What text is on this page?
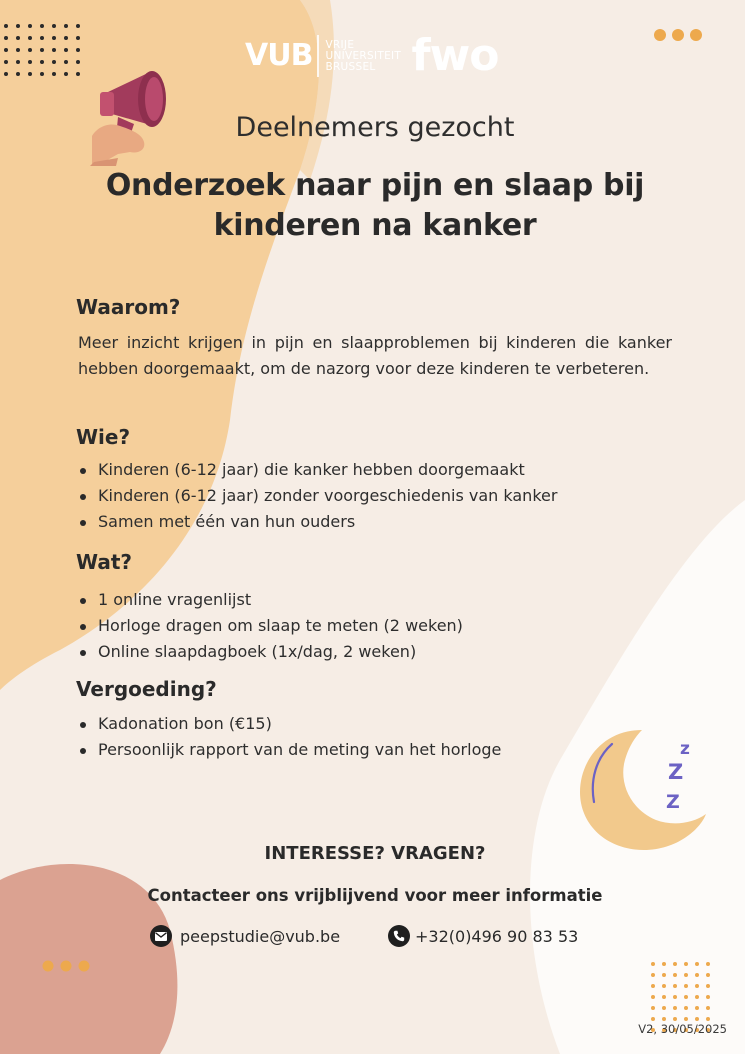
VUB	VRIJE
UNIVERSITEIT
BRUSSEL fwo
Deelnemers gezocht
Onderzoek naar pijn en slaap bij
kinderen na kanker
Waarom?
Meer inzicht krijgen in pijn en slaapproblemen bij kinderen die kanker hebben doorgemaakt, om de nazorg voor deze kinderen te verbeteren.
Wie?
Kinderen (6-12 jaar) die kanker hebben doorgemaakt
Kinderen (6-12 jaar) zonder voorgeschiedenis van kanker
Samen met één van hun ouders
Wat?
1 online vragenlijst
Horloge dragen om slaap te meten (2 weken)
Online slaapdagboek (1x/dag, 2 weken)
Vergoeding?
Kadonation bon (€15)
Persoonlijk rapport van de meting van het horloge	z
Z
Z
INTERESSE? VRAGEN?
Contacteer ons vrijblijvend voor meer informatie
peepstudie@vub.be	+32(0)496 90 83 53
V2, 30/05/2025
